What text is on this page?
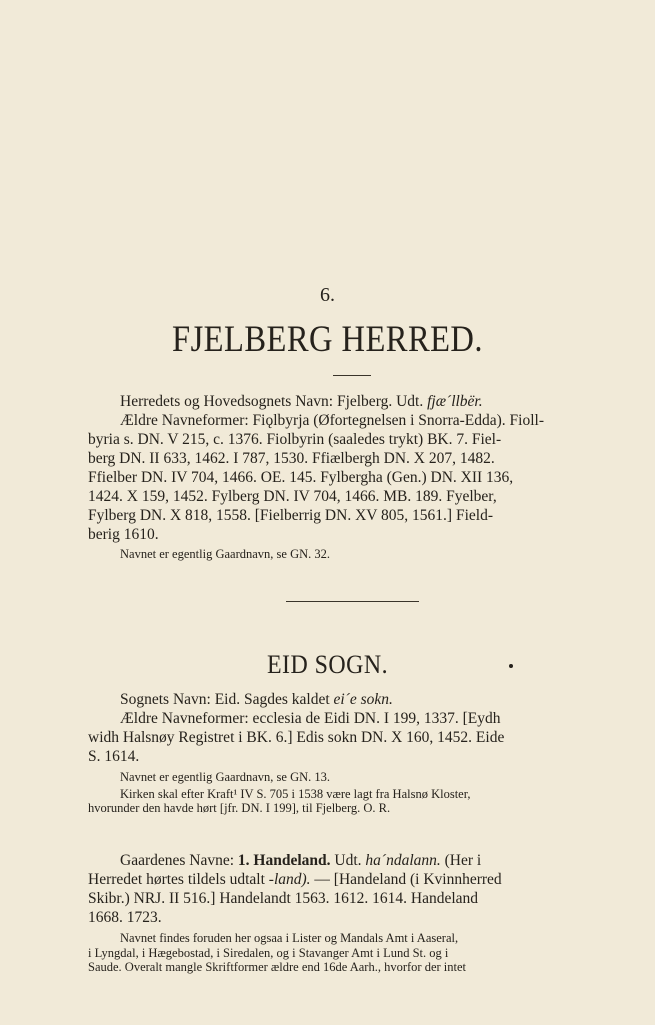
6.
FJELBERG HERRED.
Herredets og Hovedsognets Navn: Fjelberg. Udt. fjæ´llbër.
Ældre Navneformer: Fiǫlbyrja (Øfortegnelsen i Snorra-Edda). Fioll-
byria s. DN. V 215, c. 1376. Fiolbyrin (saaledes trykt) BK. 7. Fiel-
berg DN. II 633, 1462. I 787, 1530. Ffiælbergh DN. X 207, 1482.
Ffielber DN. IV 704, 1466. OE. 145. Fylbergha (Gen.) DN. XII 136,
1424. X 159, 1452. Fylberg DN. IV 704, 1466. MB. 189. Fyelber,
Fylberg DN. X 818, 1558. [Fielberrig DN. XV 805, 1561.] Field-
berig 1610.
Navnet er egentlig Gaardnavn, se GN. 32.
EID SOGN.
Sognets Navn: Eid. Sagdes kaldet ei´e sokn.
Ældre Navneformer: ecclesia de Eidi DN. I 199, 1337. [Eydh
widh Halsnøy Registret i BK. 6.] Edis sokn DN. X 160, 1452. Eide
S. 1614.
Navnet er egentlig Gaardnavn, se GN. 13.
Kirken skal efter Kraft¹ IV S. 705 i 1538 være lagt fra Halsnø Kloster,
hvorunder den havde hørt [jfr. DN. I 199], til Fjelberg. O. R.
Gaardenes Navne: 1. Handeland. Udt. ha´ndalann. (Her i
Herredet hørtes tildels udtalt -land). — [Handeland (i Kvinnherred
Skibr.) NRJ. II 516.] Handelandt 1563. 1612. 1614. Handeland
1668. 1723.
Navnet findes foruden her ogsaa i Lister og Mandals Amt i Aaseral,
i Lyngdal, i Hægebostad, i Siredalen, og i Stavanger Amt i Lund St. og i
Saude. Overalt mangle Skriftformer ældre end 16de Aarh., hvorfor der intet
